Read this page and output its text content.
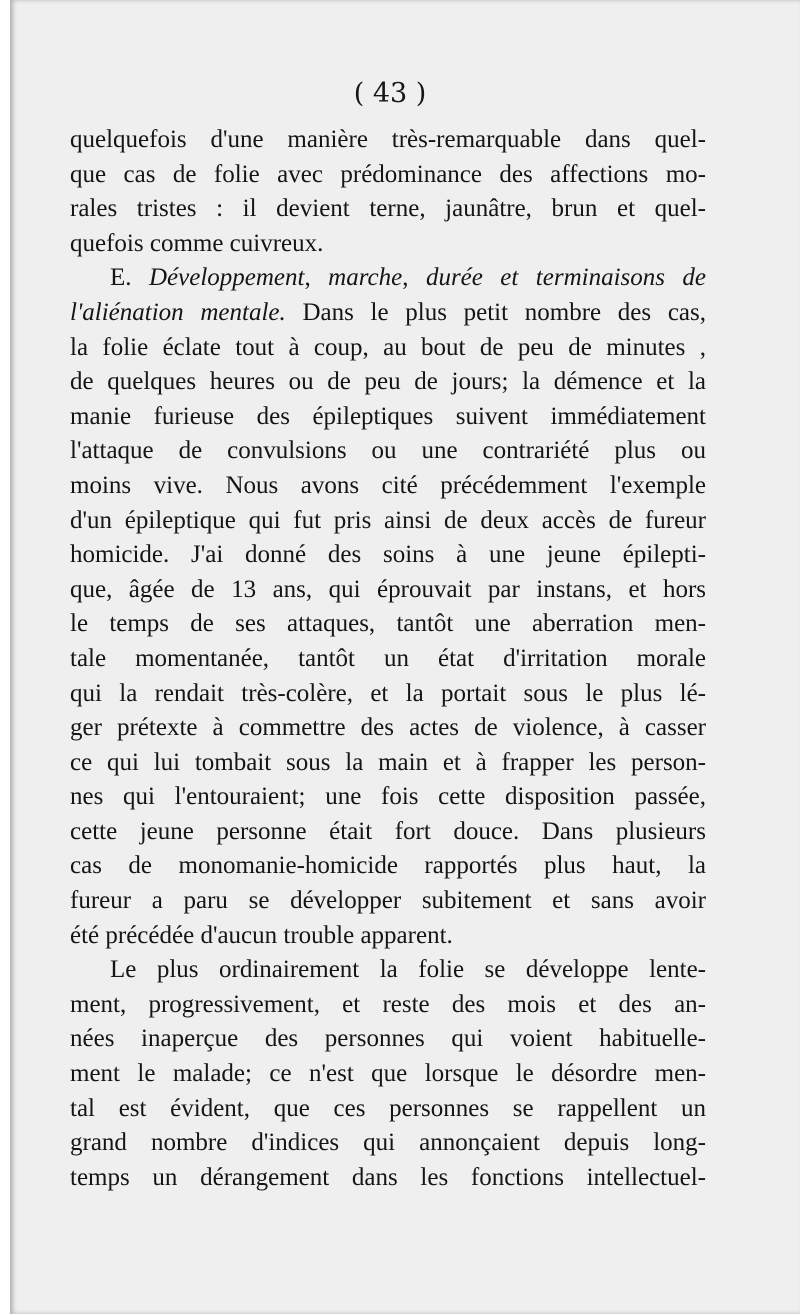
( 43 )
quelquefois d'une manière très-remarquable dans quel-
que cas de folie avec prédominance des affections mo-
rales tristes : il devient terne, jaunâtre, brun et quel-
quefois comme cuivreux.
E. Développement, marche, durée et terminaisons de
l'aliénation mentale. Dans le plus petit nombre des cas,
la folie éclate tout à coup, au bout de peu de minutes ,
de quelques heures ou de peu de jours; la démence et la
manie furieuse des épileptiques suivent immédiatement
l'attaque de convulsions ou une contrariété plus ou
moins vive. Nous avons cité précédemment l'exemple
d'un épileptique qui fut pris ainsi de deux accès de fureur
homicide. J'ai donné des soins à une jeune épilepti-
que, âgée de 13 ans, qui éprouvait par instans, et hors
le temps de ses attaques, tantôt une aberration men-
tale momentanée, tantôt un état d'irritation morale
qui la rendait très-colère, et la portait sous le plus lé-
ger prétexte à commettre des actes de violence, à casser
ce qui lui tombait sous la main et à frapper les person-
nes qui l'entouraient; une fois cette disposition passée,
cette jeune personne était fort douce. Dans plusieurs
cas de monomanie-homicide rapportés plus haut, la
fureur a paru se développer subitement et sans avoir
été précédée d'aucun trouble apparent.
Le plus ordinairement la folie se développe lente-
ment, progressivement, et reste des mois et des an-
nées inaperçue des personnes qui voient habituelle-
ment le malade; ce n'est que lorsque le désordre men-
tal est évident, que ces personnes se rappellent un
grand nombre d'indices qui annonçaient depuis long-
temps un dérangement dans les fonctions intellectuel-
